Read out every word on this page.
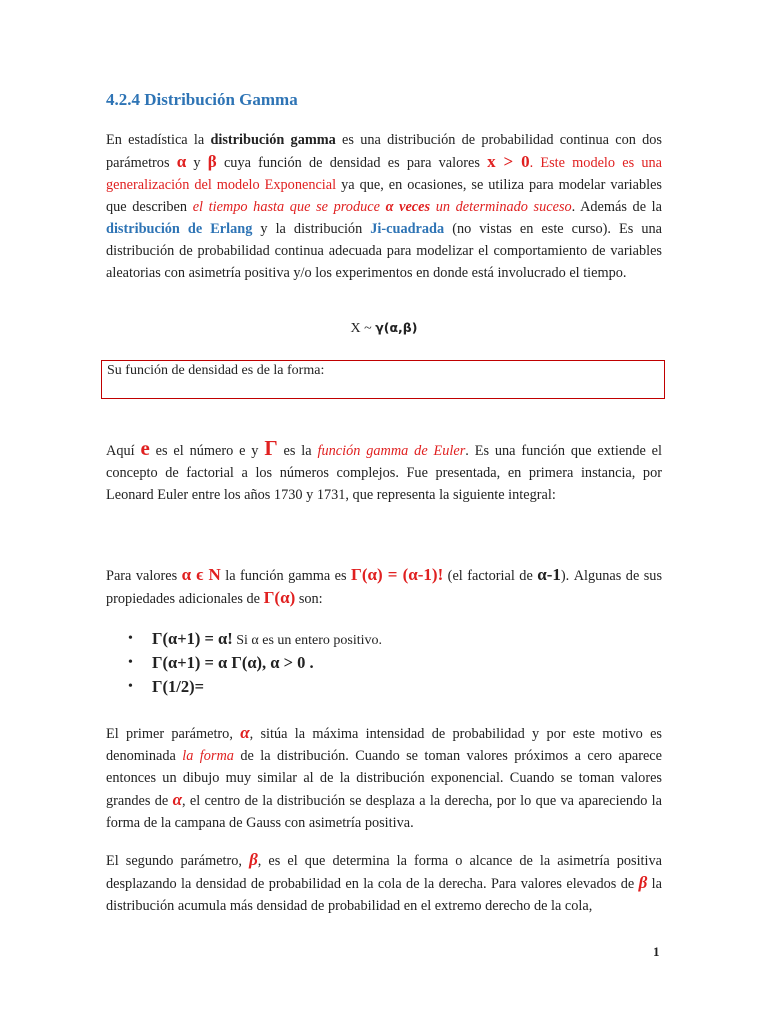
4.2.4 Distribución Gamma
En estadística la distribución gamma es una distribución de probabilidad continua con dos parámetros α y β cuya función de densidad es para valores x > 0. Este modelo es una generalización del modelo Exponencial ya que, en ocasiones, se utiliza para modelar variables que describen el tiempo hasta que se produce α veces un determinado suceso. Además de la distribución de Erlang y la distribución Ji-cuadrada (no vistas en este curso). Es una distribución de probabilidad continua adecuada para modelizar el comportamiento de variables aleatorias con asimetría positiva y/o los experimentos en donde está involucrado el tiempo.
X ~ γ(α,β)
Su función de densidad es de la forma:
Aquí e es el número e y Γ es la función gamma de Euler. Es una función que extiende el concepto de factorial a los números complejos. Fue presentada, en primera instancia, por Leonard Euler entre los años 1730 y 1731, que representa la siguiente integral:
Para valores α ϵ N la función gamma es Γ(α) = (α-1)! (el factorial de α-1). Algunas de sus propiedades adicionales de Γ(α) son:
• Γ(α+1) = α! Si α es un entero positivo.
• Γ(α+1) = α Γ(α), α > 0 .
• Γ(1/2)=
El primer parámetro, α, sitúa la máxima intensidad de probabilidad y por este motivo es denominada la forma de la distribución. Cuando se toman valores próximos a cero aparece entonces un dibujo muy similar al de la distribución exponencial. Cuando se toman valores grandes de α, el centro de la distribución se desplaza a la derecha, por lo que va apareciendo la forma de la campana de Gauss con asimetría positiva.
El segundo parámetro, β, es el que determina la forma o alcance de la asimetría positiva desplazando la densidad de probabilidad en la cola de la derecha. Para valores elevados de β la distribución acumula más densidad de probabilidad en el extremo derecho de la cola,
1
